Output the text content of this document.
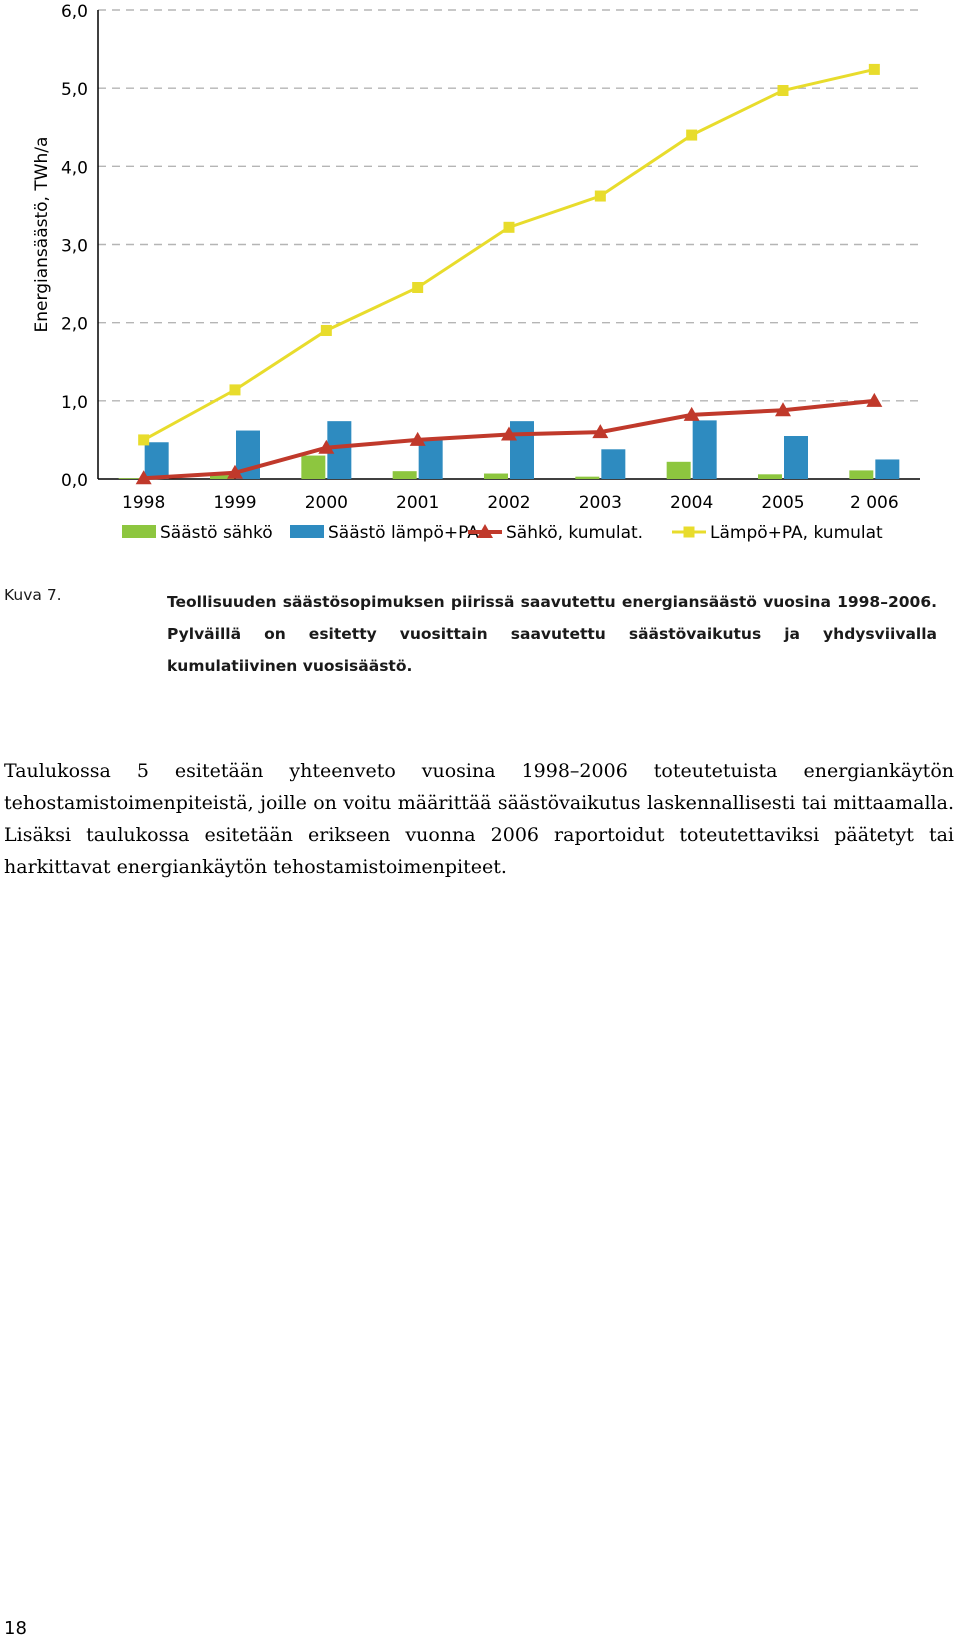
0,0
1,0
2,0
3,0
4,0
5,0
6,0
Energiansäästö, TWh/a
1998	1999	2000	2001	2002	2003	2004	2005	2 006
Säästö sähkö	Säästö lämpö+PA Sähkö, kumulat.	Lämpö+PA, kumulat
Kuva 7.	Teollisuuden säästösopimuksen piirissä saavutettu energiansäästö vuosina 1998–2006. Pylväillä on esitetty vuosittain saavutettu säästövaikutus ja yhdysviivalla kumulatiivinen vuosisäästö.

Taulukossa 5 esitetään yhteenveto vuosina 1998–2006 toteutetuista energiankäytön tehostamistoimenpiteistä, joille on voitu määrittää säästövaikutus laskennallisesti tai mittaamalla. Lisäksi taulukossa esitetään erikseen vuonna 2006 raportoidut toteutettaviksi päätetyt tai harkittavat energiankäytön tehostamistoimenpiteet.

18
